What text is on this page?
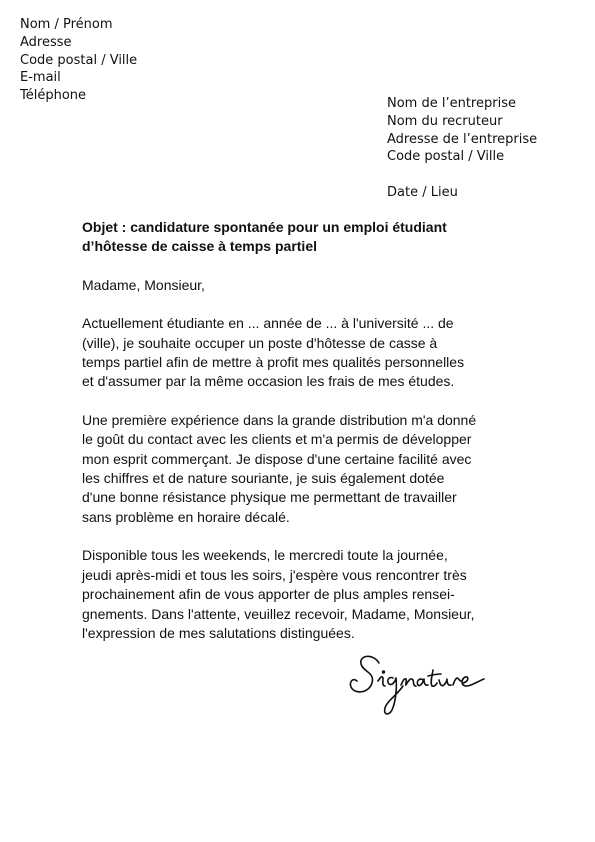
Nom / Prénom
Adresse
Code postal / Ville
E-mail
Téléphone
Nom de l’entreprise
Nom du recruteur
Adresse de l’entreprise
Code postal / Ville
Date / Lieu
Objet : candidature spontanée pour un emploi étudiant
d’hôtesse de caisse à temps partiel
Madame, Monsieur,
Actuellement étudiante en ... année de ... à l'université ... de
(ville), je souhaite occuper un poste d'hôtesse de casse à
temps partiel afin de mettre à profit mes qualités personnelles
et d'assumer par la même occasion les frais de mes études.
Une première expérience dans la grande distribution m'a donné
le goût du contact avec les clients et m'a permis de développer
mon esprit commerçant. Je dispose d'une certaine facilité avec
les chiffres et de nature souriante, je suis également dotée
d'une bonne résistance physique me permettant de travailler
sans problème en horaire décalé.
Disponible tous les weekends, le mercredi toute la journée,
jeudi après-midi et tous les soirs, j'espère vous rencontrer très
prochainement afin de vous apporter de plus amples rensei-
gnements. Dans l'attente, veuillez recevoir, Madame, Monsieur,
l'expression de mes salutations distinguées.
